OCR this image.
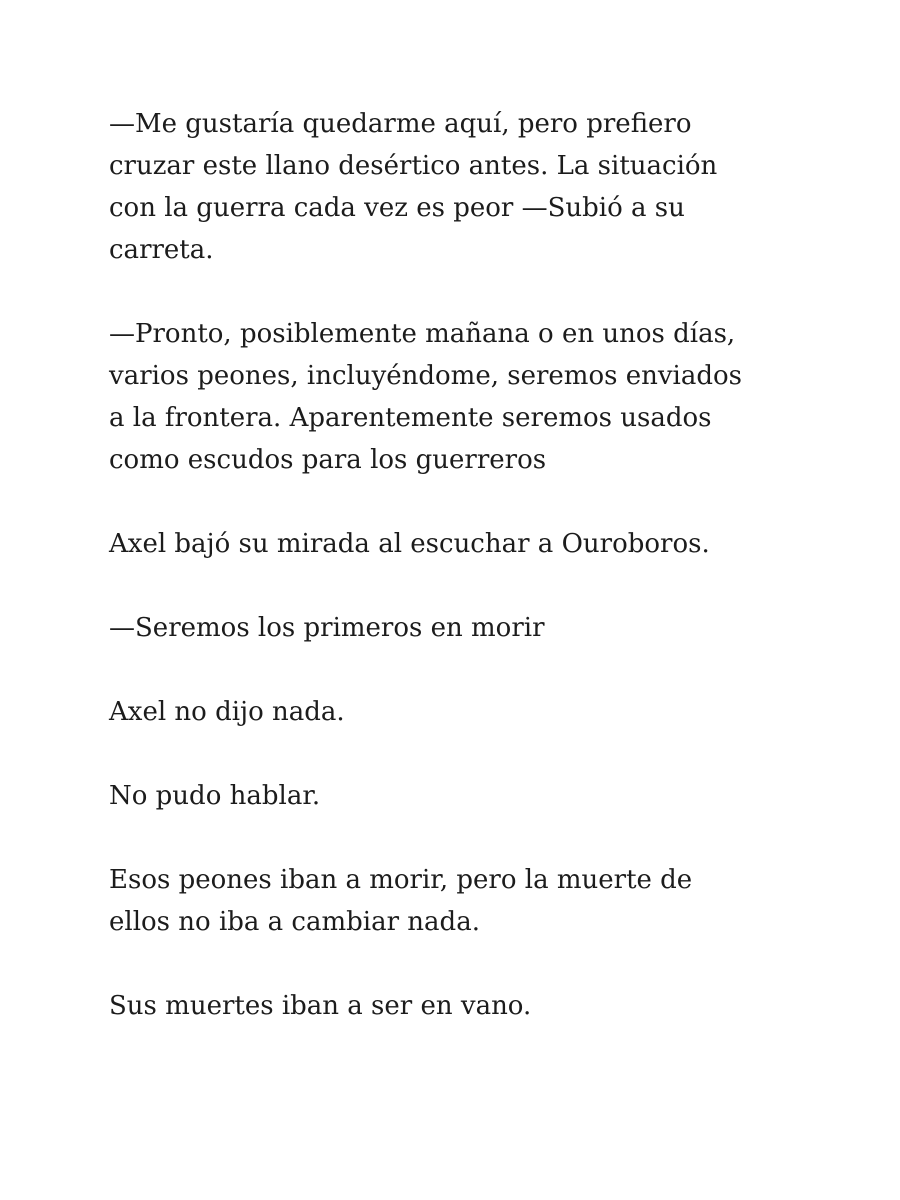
—Me gustaría quedarme aquí, pero prefiero
cruzar este llano desértico antes. La situación
con la guerra cada vez es peor —Subió a su
carreta.

—Pronto, posiblemente mañana o en unos días,
varios peones, incluyéndome, seremos enviados
a la frontera. Aparentemente seremos usados
como escudos para los guerreros

Axel bajó su mirada al escuchar a Ouroboros.

—Seremos los primeros en morir

Axel no dijo nada.

No pudo hablar.

Esos peones iban a morir, pero la muerte de
ellos no iba a cambiar nada.

Sus muertes iban a ser en vano.
